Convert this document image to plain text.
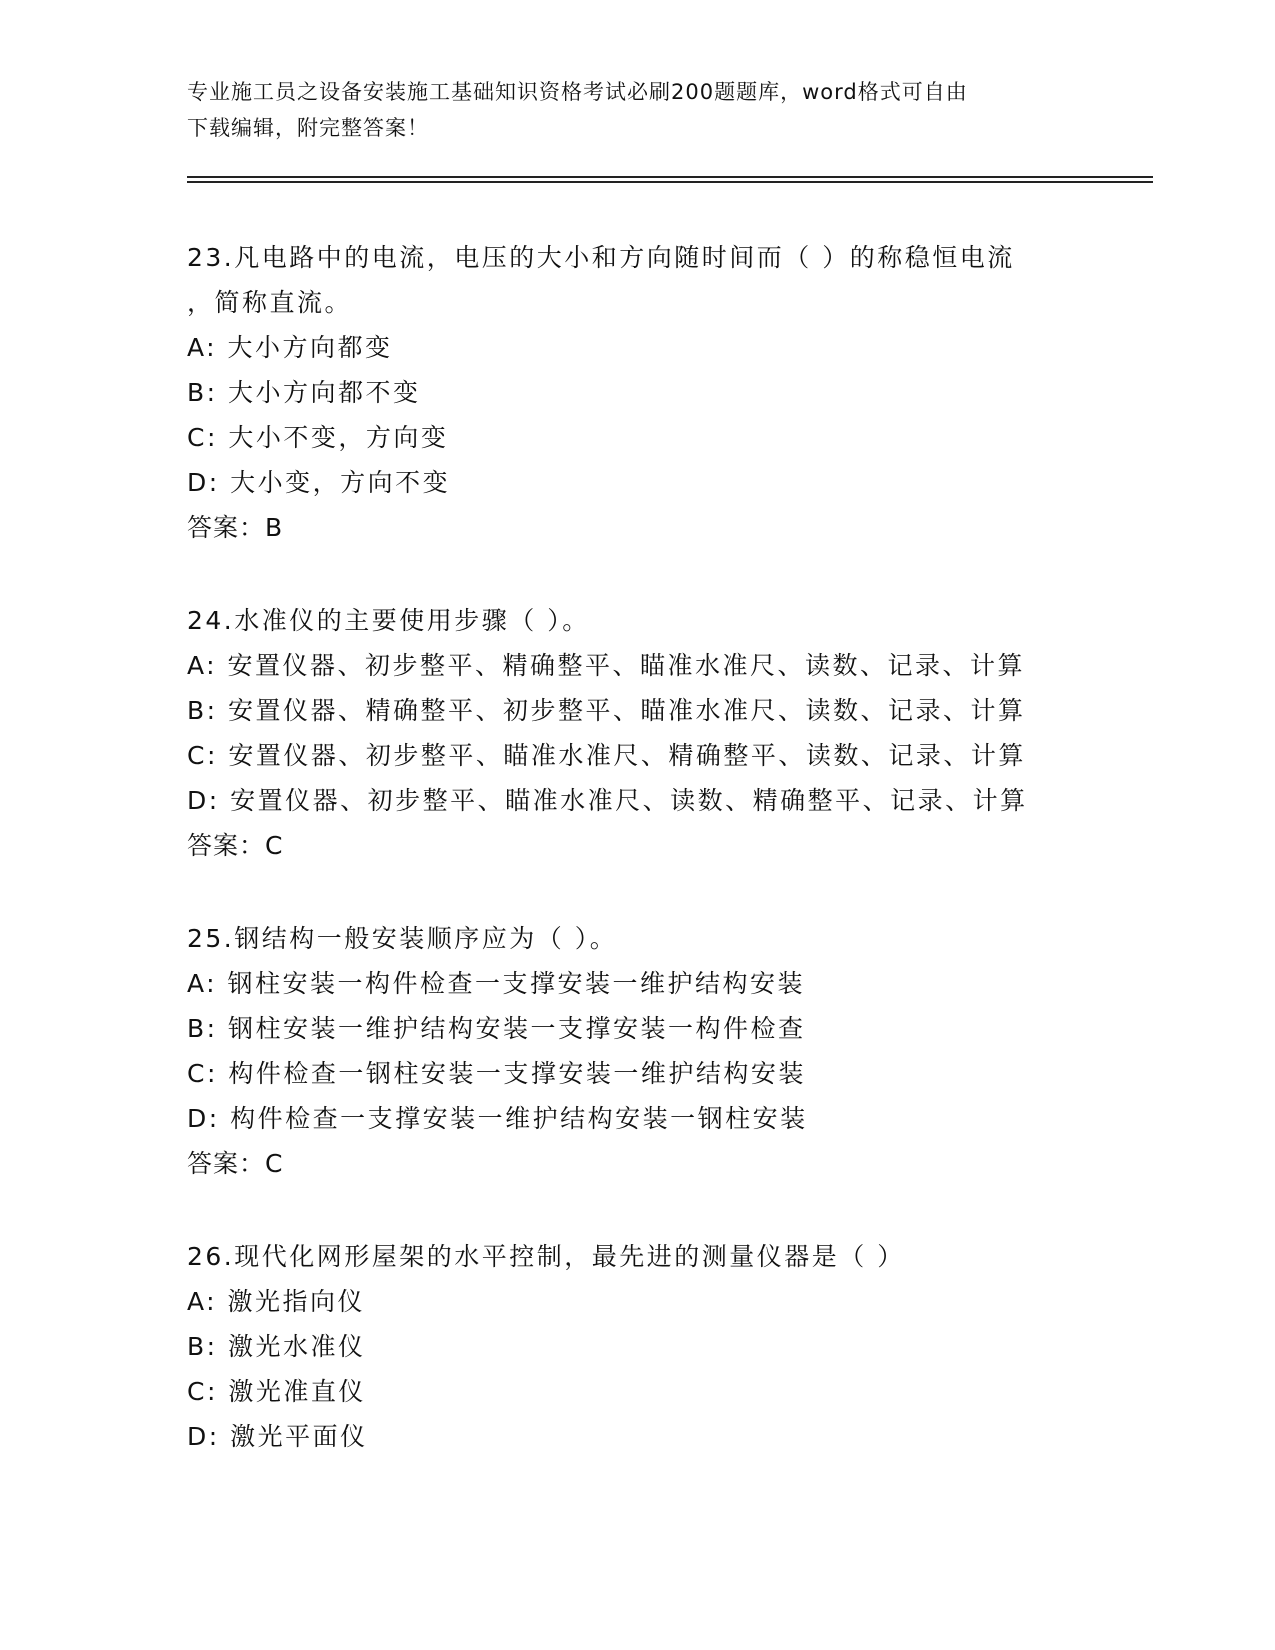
专业施工员之设备安装施工基础知识资格考试必刷200题题库，word格式可自由
下载编辑，附完整答案！

23.凡电路中的电流，电压的大小和方向随时间而（ ）的称稳恒电流

，简称直流。

A: 大小方向都变

B: 大小方向都不变

C: 大小不变，方向变

D: 大小变，方向不变

答案：B

24.水准仪的主要使用步骤（ ）。

A: 安置仪器、初步整平、精确整平、瞄准水准尺、读数、记录、计算

B: 安置仪器、精确整平、初步整平、瞄准水准尺、读数、记录、计算

C: 安置仪器、初步整平、瞄准水准尺、精确整平、读数、记录、计算

D: 安置仪器、初步整平、瞄准水准尺、读数、精确整平、记录、计算

答案：C

25.钢结构一般安装顺序应为（ ）。

A: 钢柱安装一构件检查一支撑安装一维护结构安装

B: 钢柱安装一维护结构安装一支撑安装一构件检查

C: 构件检查一钢柱安装一支撑安装一维护结构安装

D: 构件检查一支撑安装一维护结构安装一钢柱安装

答案：C

26.现代化网形屋架的水平控制，最先进的测量仪器是（ ）

A: 激光指向仪

B: 激光水准仪

C: 激光准直仪

D: 激光平面仪
